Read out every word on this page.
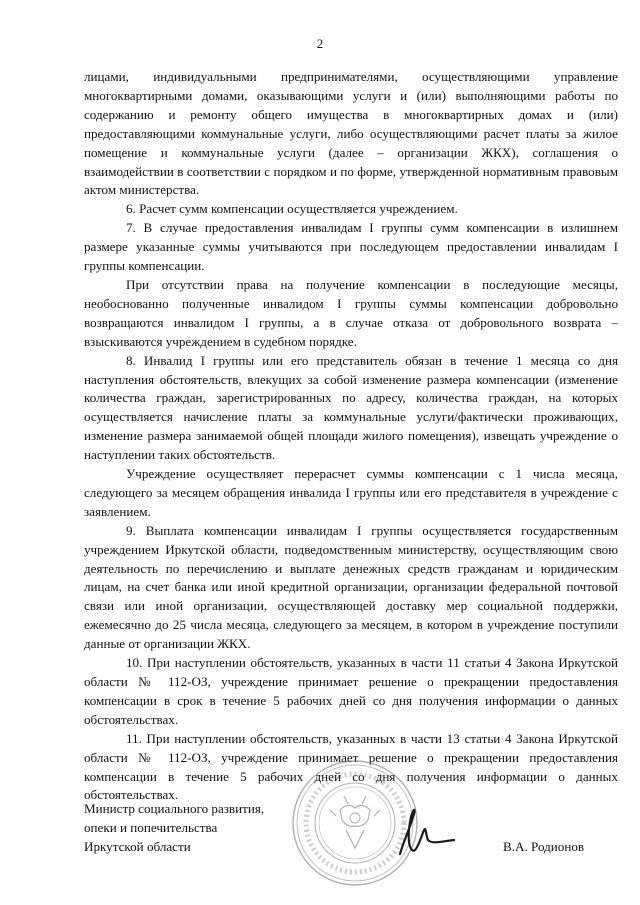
2

лицами, индивидуальными предпринимателями, осуществляющими управление многоквартирными домами, оказывающими услуги и (или) выполняющими работы по содержанию и ремонту общего имущества в многоквартирных домах и (или) предоставляющими коммунальные услуги, либо осуществляющими расчет платы за жилое помещение и коммунальные услуги (далее – организации ЖКХ), соглашения о взаимодействии в соответствии с порядком и по форме, утвержденной нормативным правовым актом министерства.

6. Расчет сумм компенсации осуществляется учреждением.

7. В случае предоставления инвалидам I группы сумм компенсации в излишнем размере указанные суммы учитываются при последующем предоставлении инвалидам I группы компенсации.

При отсутствии права на получение компенсации в последующие месяцы, необоснованно полученные инвалидом I группы суммы компенсации добровольно возвращаются инвалидом I группы, а в случае отказа от добровольного возврата – взыскиваются учреждением в судебном порядке.

8. Инвалид I группы или его представитель обязан в течение 1 месяца со дня наступления обстоятельств, влекущих за собой изменение размера компенсации (изменение количества граждан, зарегистрированных по адресу, количества граждан, на которых осуществляется начисление платы за коммунальные услуги/фактически проживающих, изменение размера занимаемой общей площади жилого помещения), извещать учреждение о наступлении таких обстоятельств.

Учреждение осуществляет перерасчет суммы компенсации с 1 числа месяца, следующего за месяцем обращения инвалида I группы или его представителя в учреждение с заявлением.

9. Выплата компенсации инвалидам I группы осуществляется государственным учреждением Иркутской области, подведомственным министерству, осуществляющим свою деятельность по перечислению и выплате денежных средств гражданам и юридическим лицам, на счет банка или иной кредитной организации, организации федеральной почтовой связи или иной организации, осуществляющей доставку мер социальной поддержки, ежемесячно до 25 числа месяца, следующего за месяцем, в котором в учреждение поступили данные от организации ЖКХ.

10. При наступлении обстоятельств, указанных в части 11 статьи 4 Закона Иркутской области № 112-ОЗ, учреждение принимает решение о прекращении предоставления компенсации в срок в течение 5 рабочих дней со дня получения информации о данных обстоятельствах.

11. При наступлении обстоятельств, указанных в части 13 статьи 4 Закона Иркутской области № 112-ОЗ, учреждение принимает решение о прекращении предоставления компенсации в течение 5 рабочих дней со дня получения информации о данных обстоятельствах.

Министр социального развития,
опеки и попечительства
Иркутской области	В.А. Родионов
